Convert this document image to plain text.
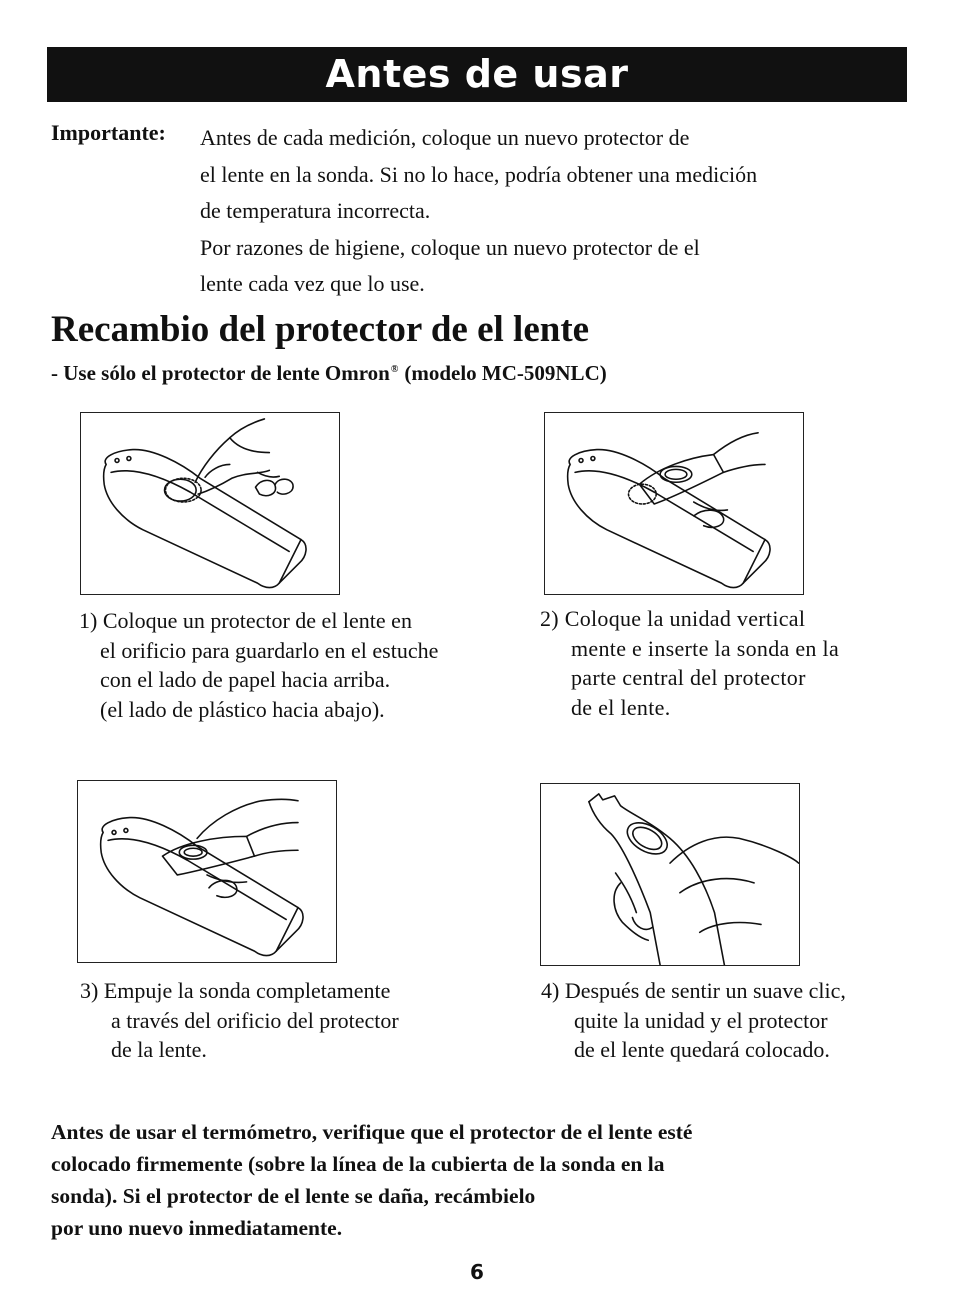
Antes de usar
Importante: Antes de cada medición, coloque un nuevo protector de
el lente en la sonda. Si no lo hace, podría obtener una medición
de temperatura incorrecta.
Por razones de higiene, coloque un nuevo protector de el
lente cada vez que lo use.
Recambio del protector de el lente
- Use sólo el protector de lente Omron® (modelo MC-509NLC)
1) Coloque un protector de el lente en
el orificio para guardarlo en el estuche
con el lado de papel hacia arriba.
(el lado de plástico hacia abajo).
2) Coloque la unidad vertical
mente e inserte la sonda en la
parte central del protector
de el lente.
3) Empuje la sonda completamente
a través del orificio del protector
de la lente.
4) Después de sentir un suave clic,
quite la unidad y el protector
de el lente quedará colocado.
Antes de usar el termómetro, verifique que el protector de el lente esté
colocado firmemente (sobre la línea de la cubierta de la sonda en la
sonda). Si el protector de el lente se daña, recámbielo
por uno nuevo inmediatamente.
6
